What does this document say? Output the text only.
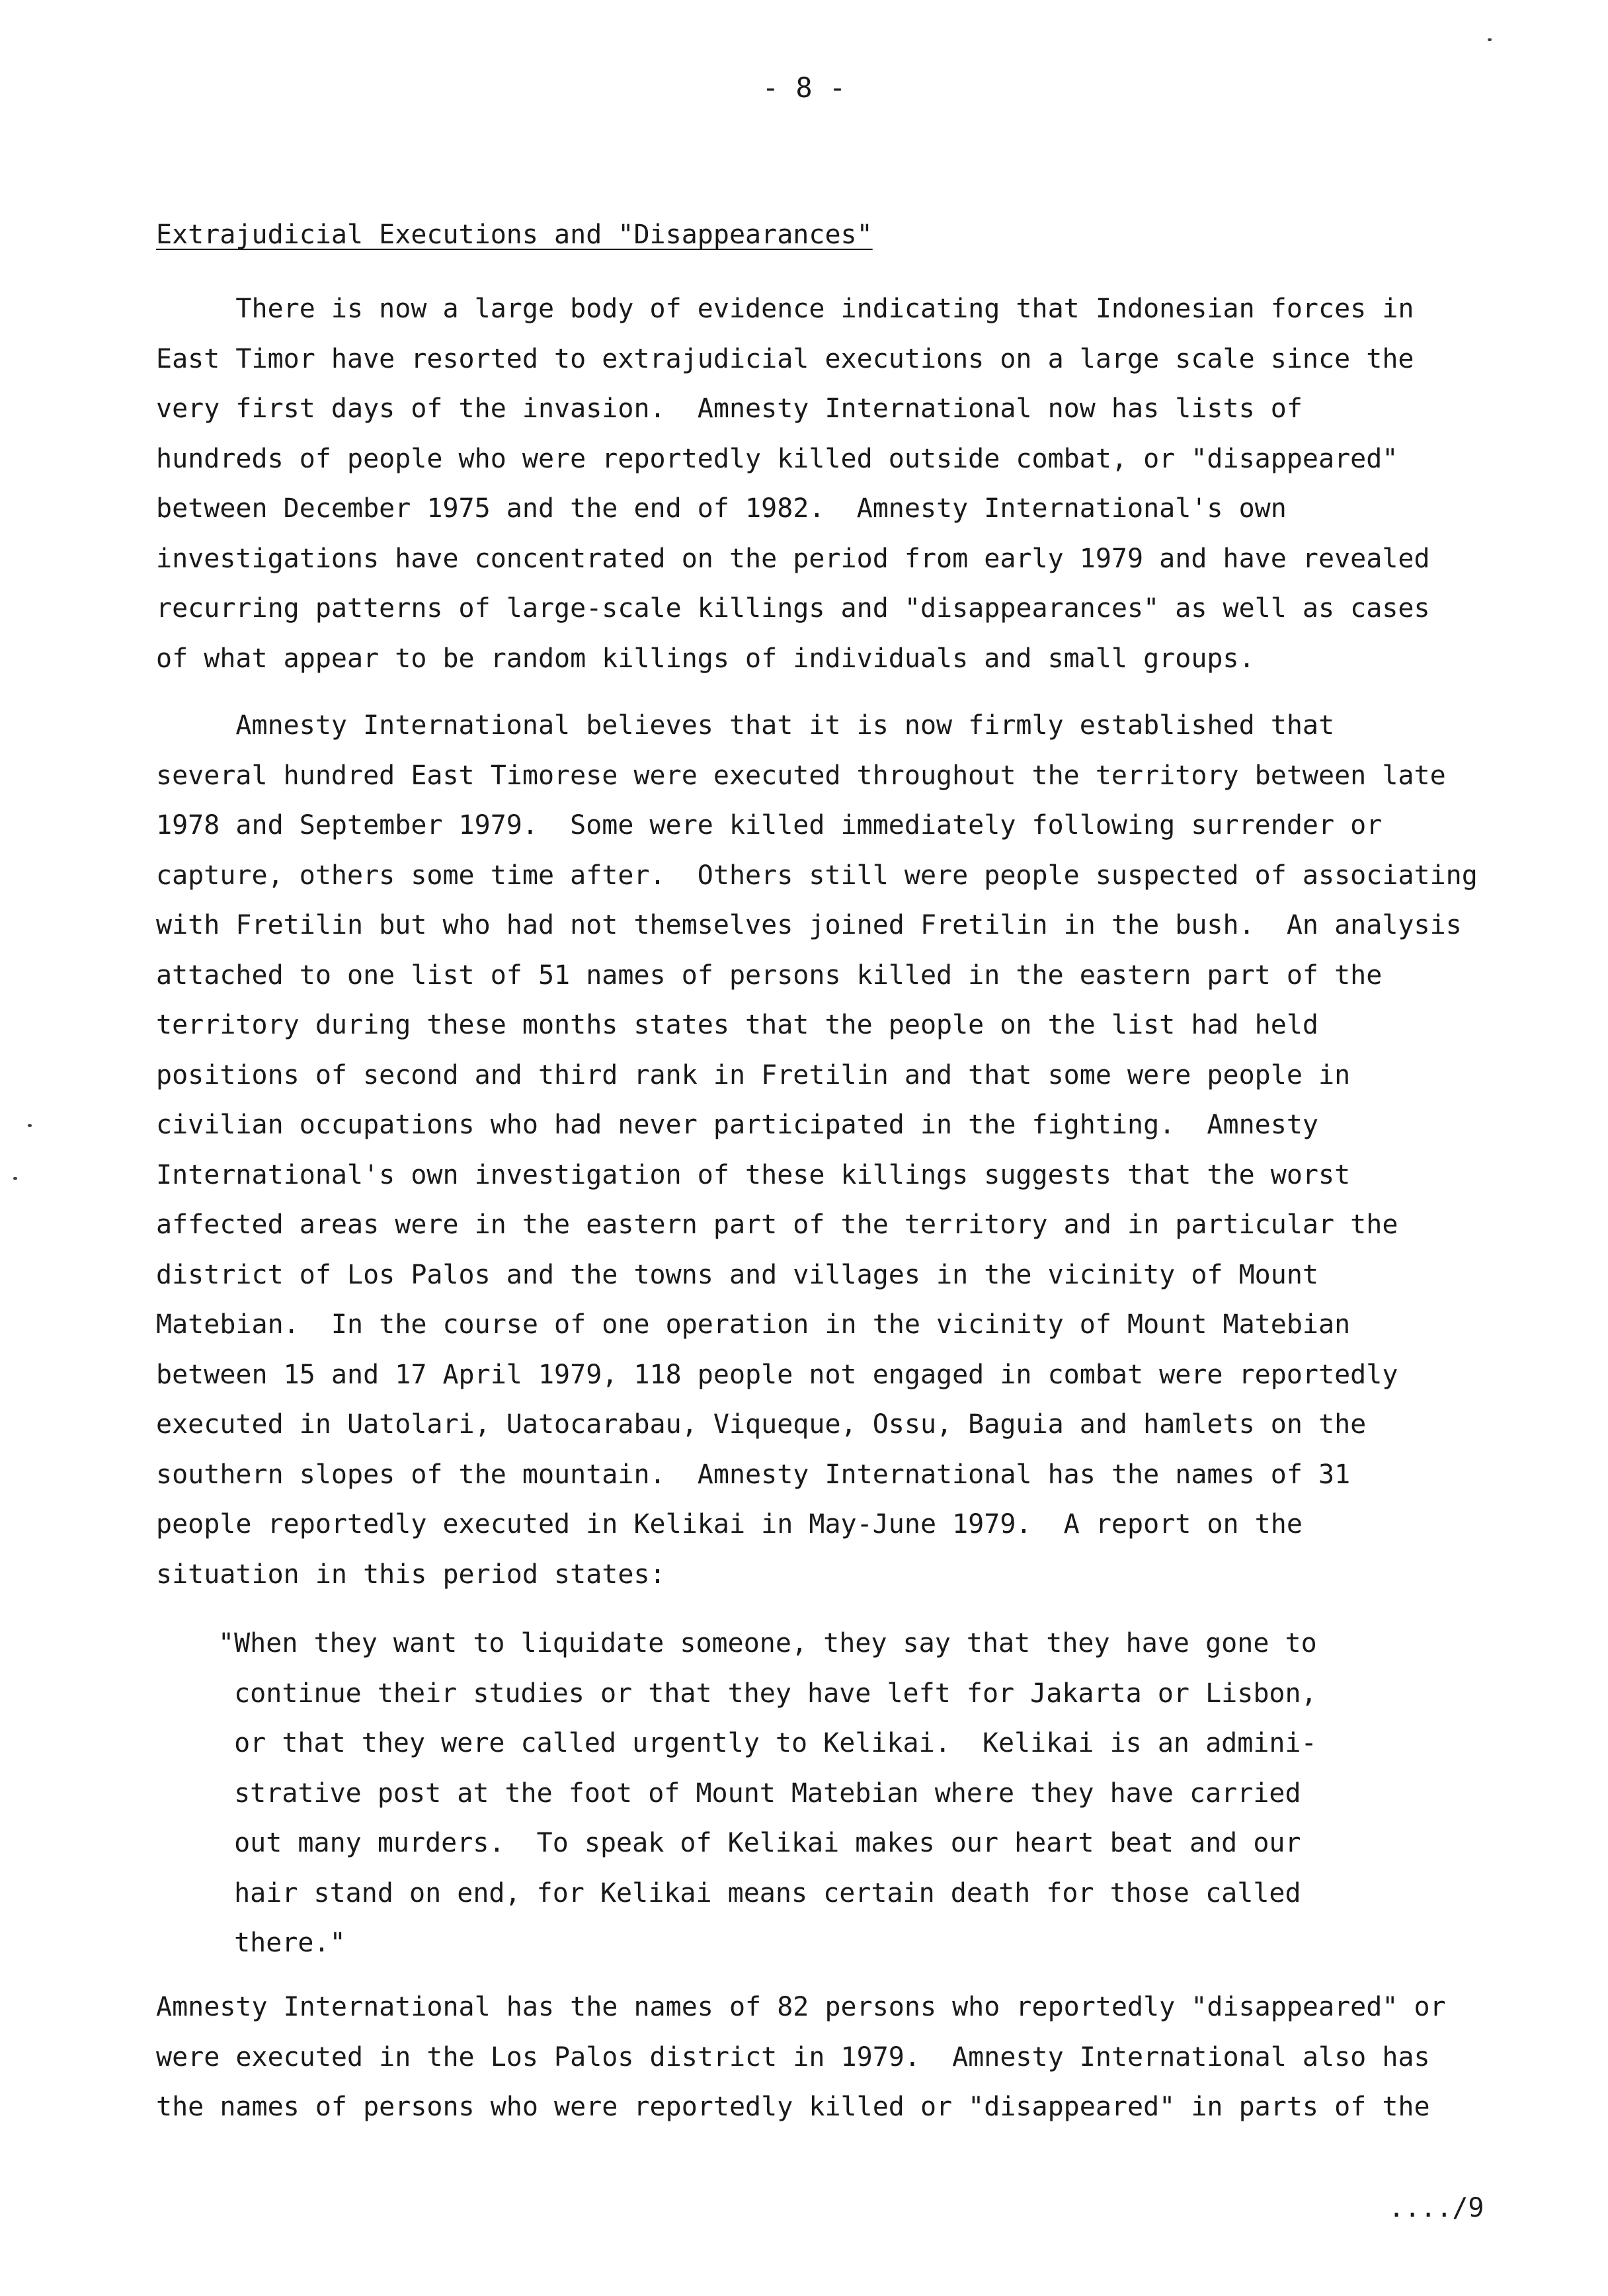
- 8 -
Extrajudicial Executions and "Disappearances"

There is now a large body of evidence indicating that Indonesian forces in
East Timor have resorted to extrajudicial executions on a large scale since the
very first days of the invasion.  Amnesty International now has lists of
hundreds of people who were reportedly killed outside combat, or "disappeared"
between December 1975 and the end of 1982.  Amnesty International's own
investigations have concentrated on the period from early 1979 and have revealed
recurring patterns of large-scale killings and "disappearances" as well as cases
of what appear to be random killings of individuals and small groups.

Amnesty International believes that it is now firmly established that
several hundred East Timorese were executed throughout the territory between late
1978 and September 1979.  Some were killed immediately following surrender or
capture, others some time after.  Others still were people suspected of associating
with Fretilin but who had not themselves joined Fretilin in the bush.  An analysis
attached to one list of 51 names of persons killed in the eastern part of the
territory during these months states that the people on the list had held
positions of second and third rank in Fretilin and that some were people in
civilian occupations who had never participated in the fighting.  Amnesty
International's own investigation of these killings suggests that the worst
affected areas were in the eastern part of the territory and in particular the
district of Los Palos and the towns and villages in the vicinity of Mount
Matebian.  In the course of one operation in the vicinity of Mount Matebian
between 15 and 17 April 1979, 118 people not engaged in combat were reportedly
executed in Uatolari, Uatocarabau, Viqueque, Ossu, Baguia and hamlets on the
southern slopes of the mountain.  Amnesty International has the names of 31
people reportedly executed in Kelikai in May-June 1979.  A report on the
situation in this period states:

"When they want to liquidate someone, they say that they have gone to
continue their studies or that they have left for Jakarta or Lisbon,
or that they were called urgently to Kelikai.  Kelikai is an admini-
strative post at the foot of Mount Matebian where they have carried
out many murders.  To speak of Kelikai makes our heart beat and our
hair stand on end, for Kelikai means certain death for those called
there."

Amnesty International has the names of 82 persons who reportedly "disappeared" or
were executed in the Los Palos district in 1979.  Amnesty International also has
the names of persons who were reportedly killed or "disappeared" in parts of the

..../9
